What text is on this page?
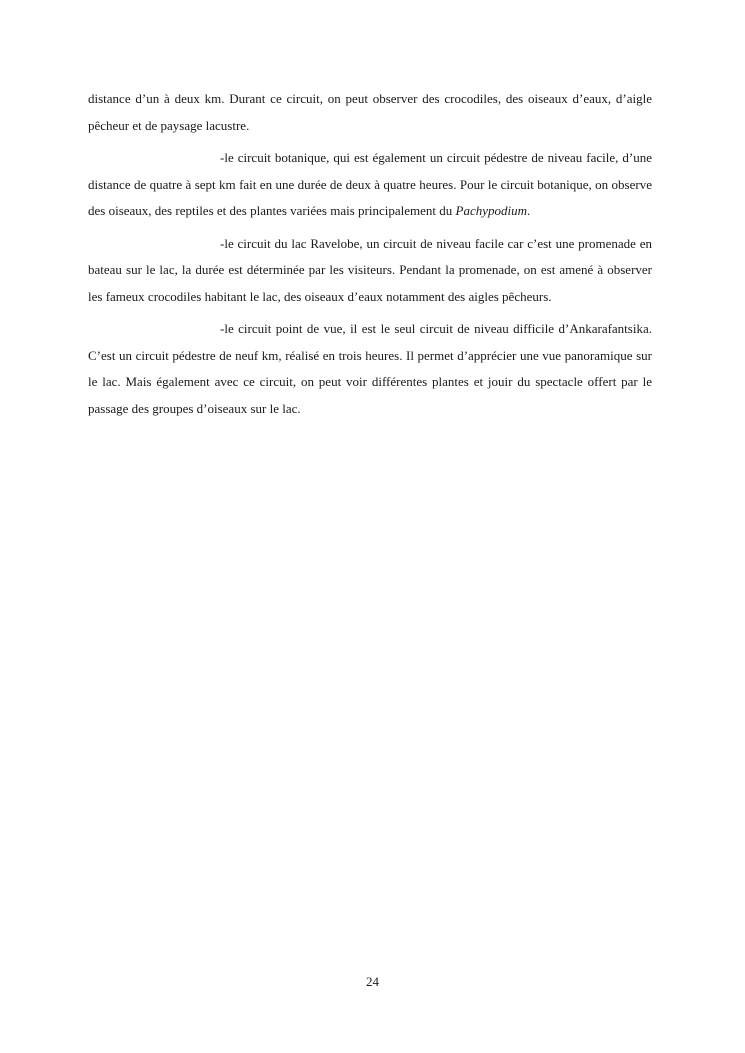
distance d’un à deux km. Durant ce circuit, on peut observer des crocodiles, des oiseaux d’eaux, d’aigle pêcheur et de paysage lacustre.

-le circuit botanique, qui est également un circuit pédestre de niveau facile, d’une distance de quatre à sept km fait en une durée de deux à quatre heures. Pour le circuit botanique, on observe des oiseaux, des reptiles et des plantes variées mais principalement du Pachypodium.

-le circuit du lac Ravelobe, un circuit de niveau facile car c’est une promenade en bateau sur le lac, la durée est déterminée par les visiteurs. Pendant la promenade, on est amené à observer les fameux crocodiles habitant le lac, des oiseaux d’eaux notamment des aigles pêcheurs.

-le circuit point de vue, il est le seul circuit de niveau difficile d’Ankarafantsika. C’est un circuit pédestre de neuf km, réalisé en trois heures. Il permet d’apprécier une vue panoramique sur le lac. Mais également avec ce circuit, on peut voir différentes plantes et jouir du spectacle offert par le passage des groupes d’oiseaux sur le lac.

24
